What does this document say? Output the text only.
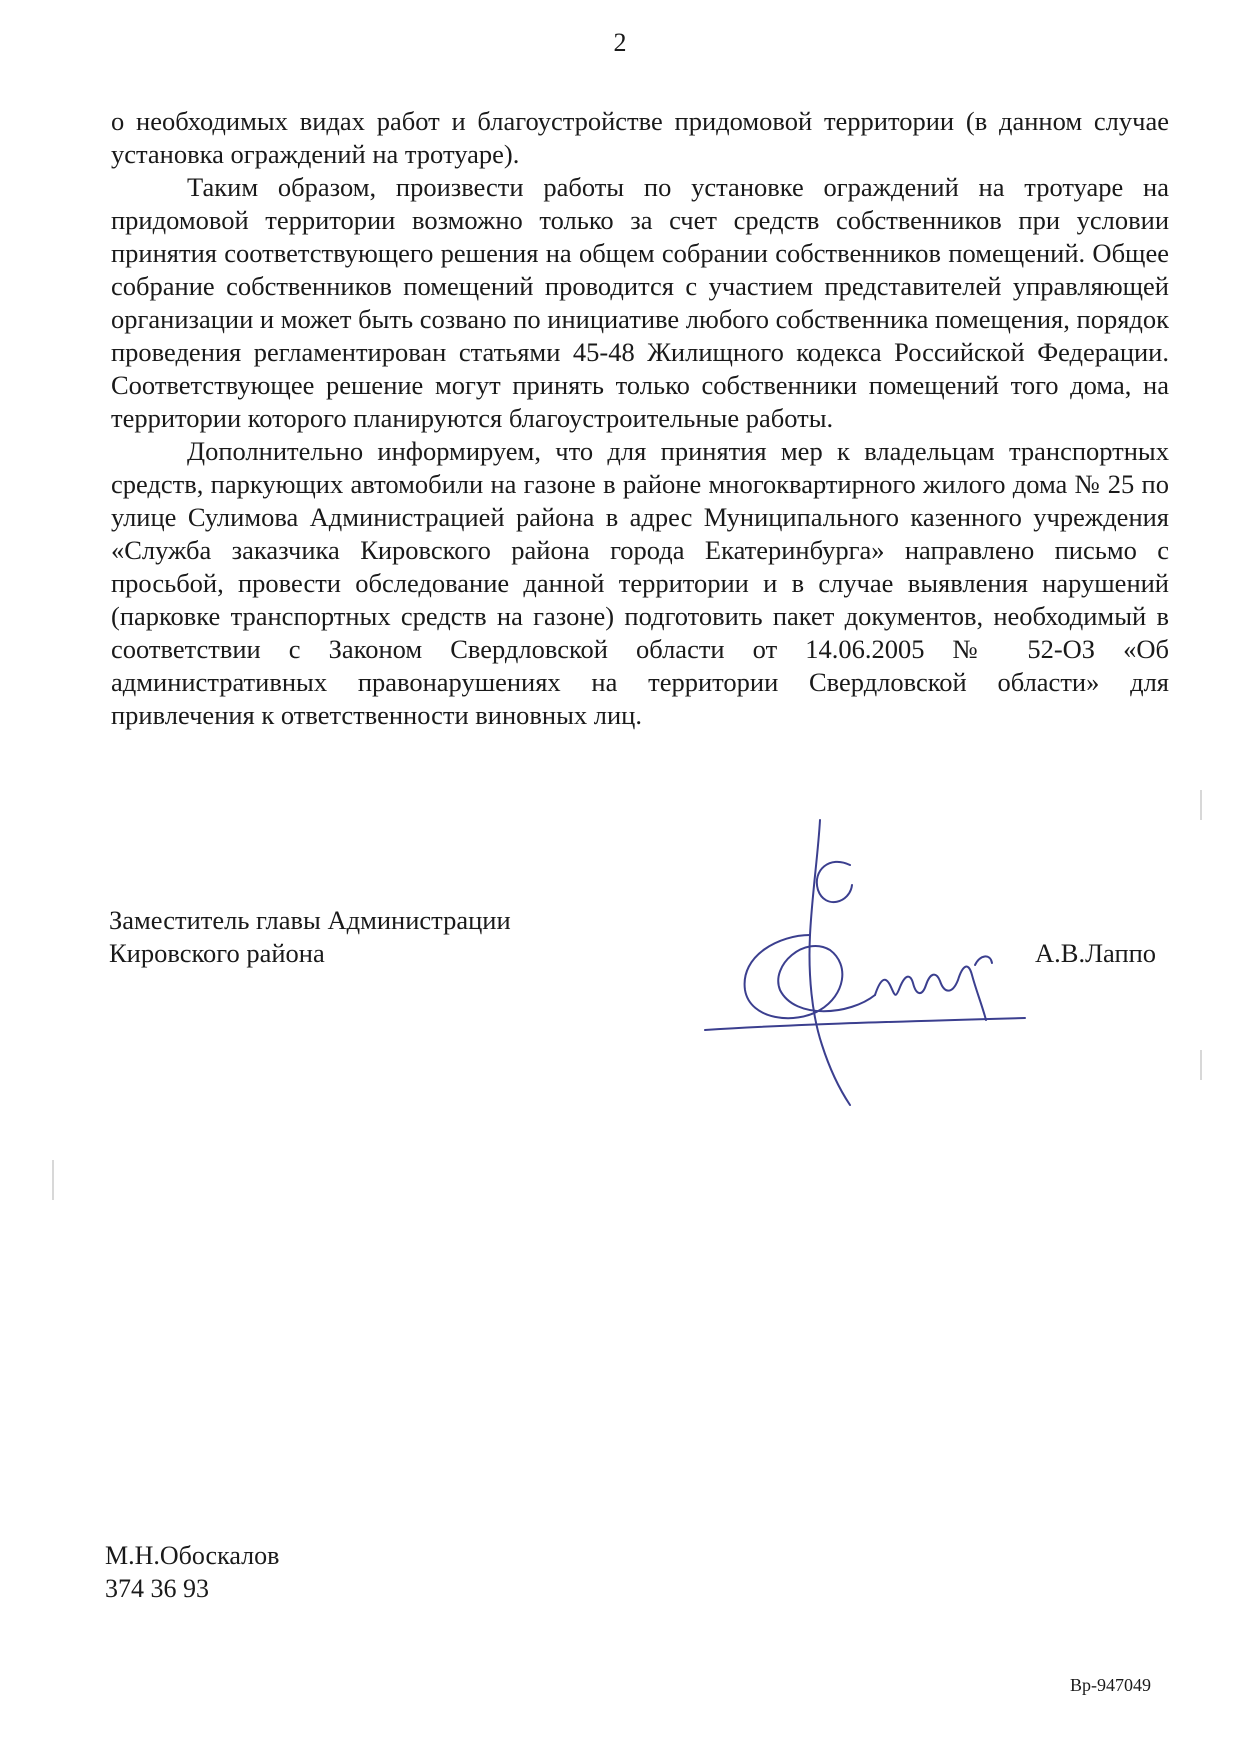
2

о необходимых видах работ и благоустройстве придомовой территории (в данном случае установка ограждений на тротуаре).

Таким образом, произвести работы по установке ограждений на тротуаре на придомовой территории возможно только за счет средств собственников при условии принятия соответствующего решения на общем собрании собственников помещений. Общее собрание собственников помещений проводится с участием представителей управляющей организации и может быть созвано по инициативе любого собственника помещения, порядок проведения регламентирован статьями 45-48 Жилищного кодекса Российской Федерации. Соответствующее решение могут принять только собственники помещений того дома, на территории которого планируются благоустроительные работы.

Дополнительно информируем, что для принятия мер к владельцам транспортных средств, паркующих автомобили на газоне в районе многоквартирного жилого дома № 25 по улице Сулимова Администрацией района в адрес Муниципального казенного учреждения «Служба заказчика Кировского района города Екатеринбурга» направлено письмо с просьбой, провести обследование данной территории и в случае выявления нарушений (парковке транспортных средств на газоне) подготовить пакет документов, необходимый в соответствии с Законом Свердловской области от 14.06.2005 № 52-ОЗ «Об административных правонарушениях на территории Свердловской области» для привлечения к ответственности виновных лиц.

Заместитель главы Администрации
Кировского района	А.В.Лаппо
М.Н.Обоскалов
374 36 93
Вр-947049
